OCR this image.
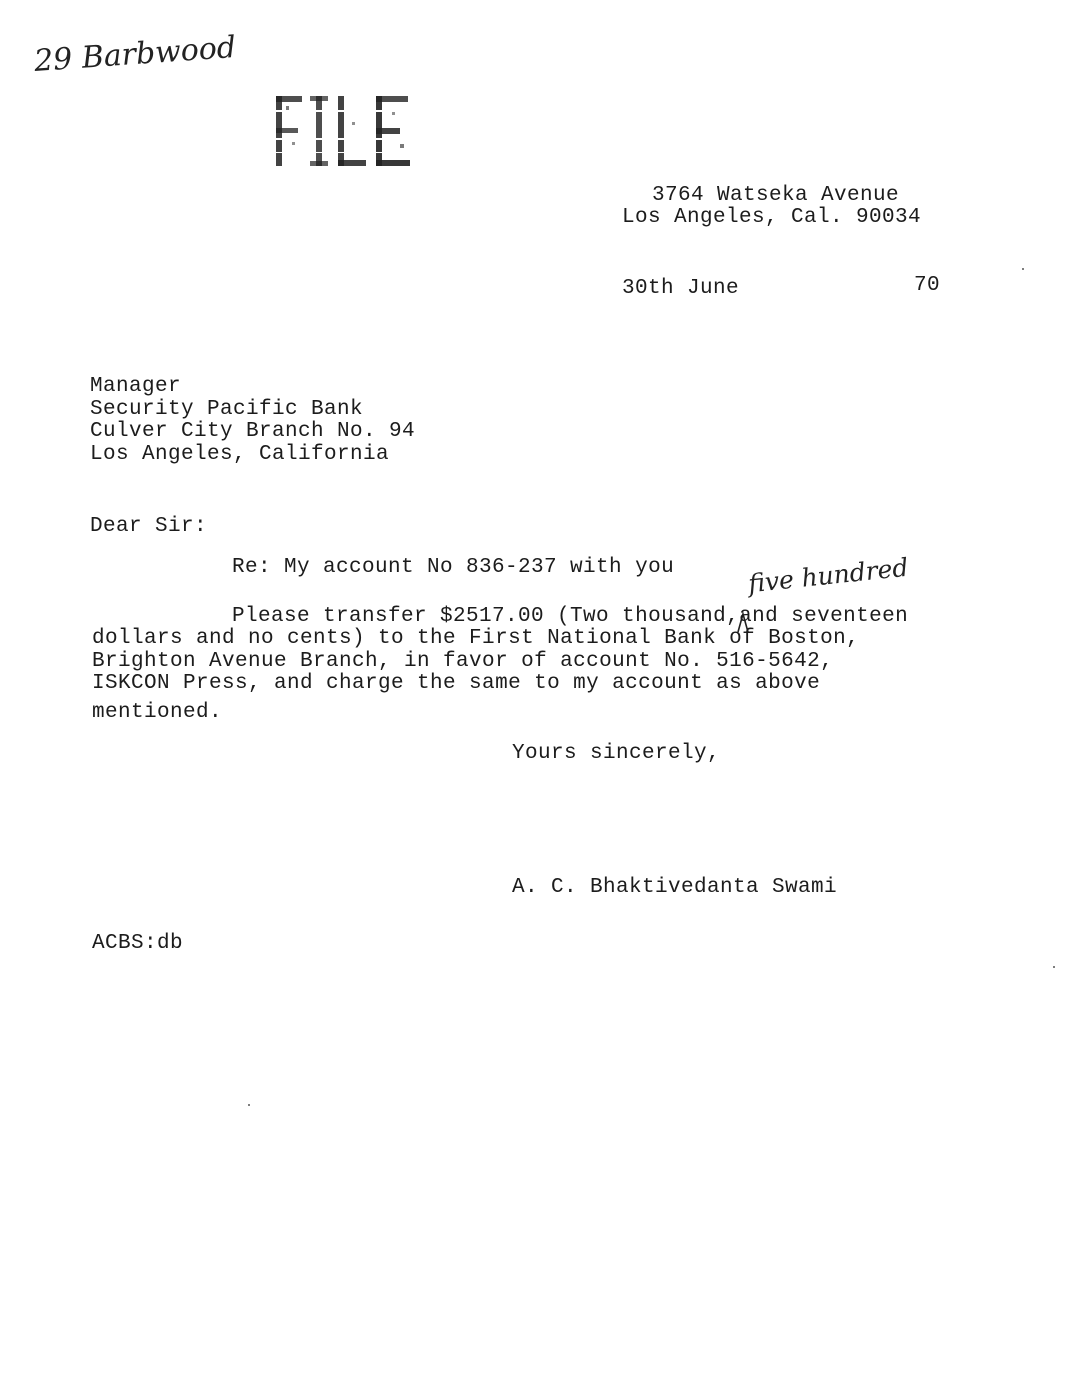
29 Barbwood
3764 Watseka Avenue
Los Angeles, Cal. 90034
30th June	70
Manager
Security Pacific Bank
Culver City Branch No. 94
Los Angeles, California
Dear Sir:
Re: My account No 836-237 with you	five hundred
Please transfer $2517.00 (Two thousand,and seventeen
dollars and no cents) to the First National Bank of Boston,
Brighton Avenue Branch, in favor of account No. 516-5642,
ISKCON Press, and charge the same to my account as above
mentioned.
Yours sincerely,
A. C. Bhaktivedanta Swami
ACBS:db
